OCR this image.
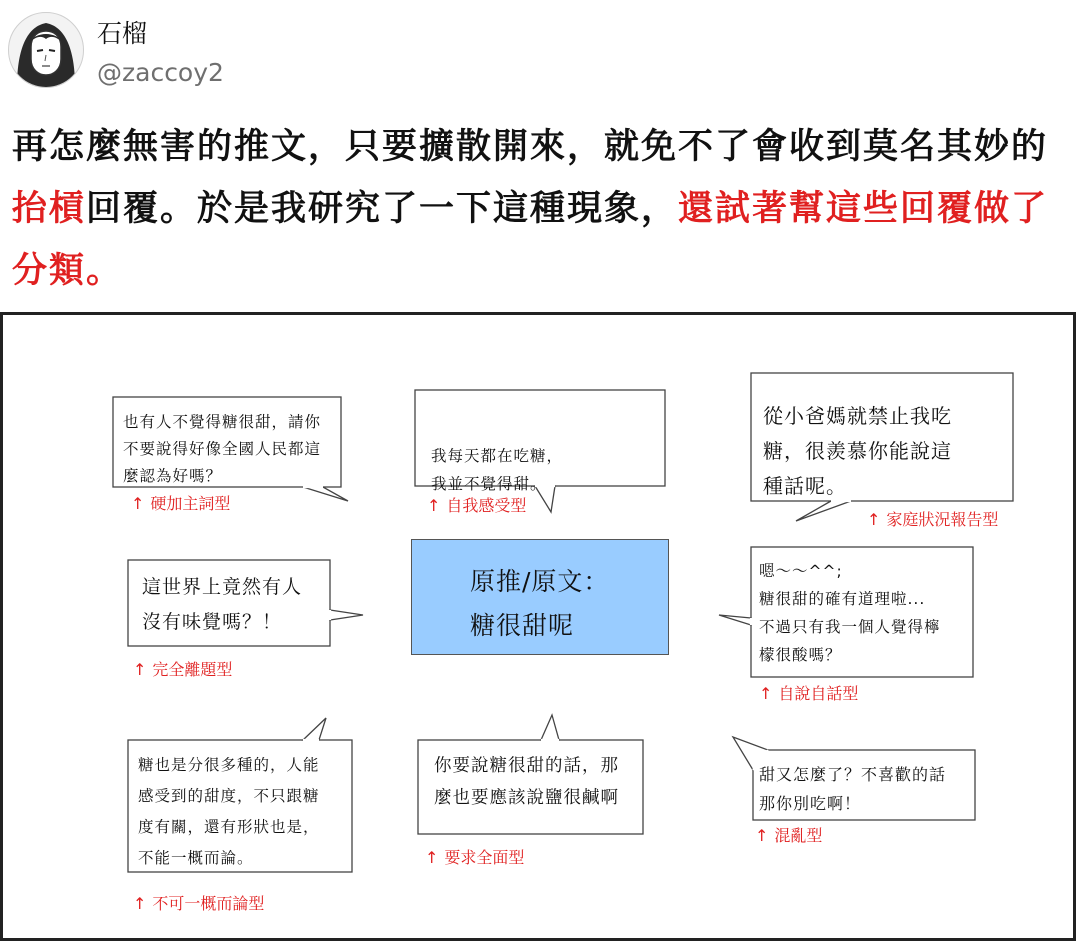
石榴
@zaccoy2
再怎麼無害的推文，只要擴散開來，就免不了會收到莫名其妙的
抬槓回覆。於是我研究了一下這種現象，還試著幫這些回覆做了
分類。
原推/原文：
糖很甜呢
也有人不覺得糖很甜，請你
不要說得好像全國人民都這
麼認為好嗎？
我每天都在吃糖，
我並不覺得甜。
從小爸媽就禁止我吃
糖，很羨慕你能說這
種話呢。
這世界上竟然有人
沒有味覺嗎？！
嗯～～^^;
糖很甜的確有道理啦...
不過只有我一個人覺得檸
檬很酸嗎？
糖也是分很多種的，人能
感受到的甜度，不只跟糖
度有關，還有形狀也是，
不能一概而論。
你要說糖很甜的話，那
麼也要應該說鹽很鹹啊
甜又怎麼了？不喜歡的話
那你別吃啊！
↑ 硬加主詞型	↑ 自我感受型
↑ 家庭狀況報告型
↑ 完全離題型
↑ 自說自話型
↑ 不可一概而論型
↑ 要求全面型
↑ 混亂型
